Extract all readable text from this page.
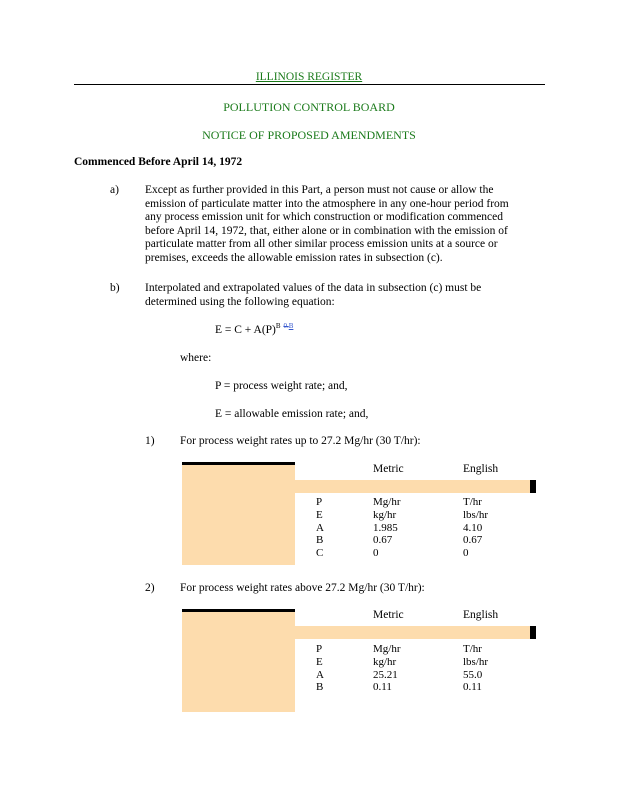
ILLINOIS REGISTER
POLLUTION CONTROL BOARD
NOTICE OF PROPOSED AMENDMENTS
Commenced Before April 14, 1972
a) Except as further provided in this Part, a person must not cause or allow the
emission of particulate matter into the atmosphere in any one-hour period from
any process emission unit for which construction or modification commenced
before April 14, 1972, that, either alone or in combination with the emission of
particulate matter from all other similar process emission units at a source or
premises, exceeds the allowable emission rates in subsection (c).
b) Interpolated and extrapolated values of the data in subsection (c) must be
determined using the following equation:
$E = C + A(P)^B$ $^{0.B}$
where:
P = process weight rate; and,
E = allowable emission rate; and,
1) For process weight rates up to 27.2 Mg/hr (30 T/hr):
Metric	English
P
E
A
B
C
Mg/hr
kg/hr
1.985
0.67
0
T/hr
lbs/hr
4.10
0.67
0
2) For process weight rates above 27.2 Mg/hr (30 T/hr):
Metric	English
P
E
A
B
Mg/hr
kg/hr
25.21
0.11
T/hr
lbs/hr
55.0
0.11
